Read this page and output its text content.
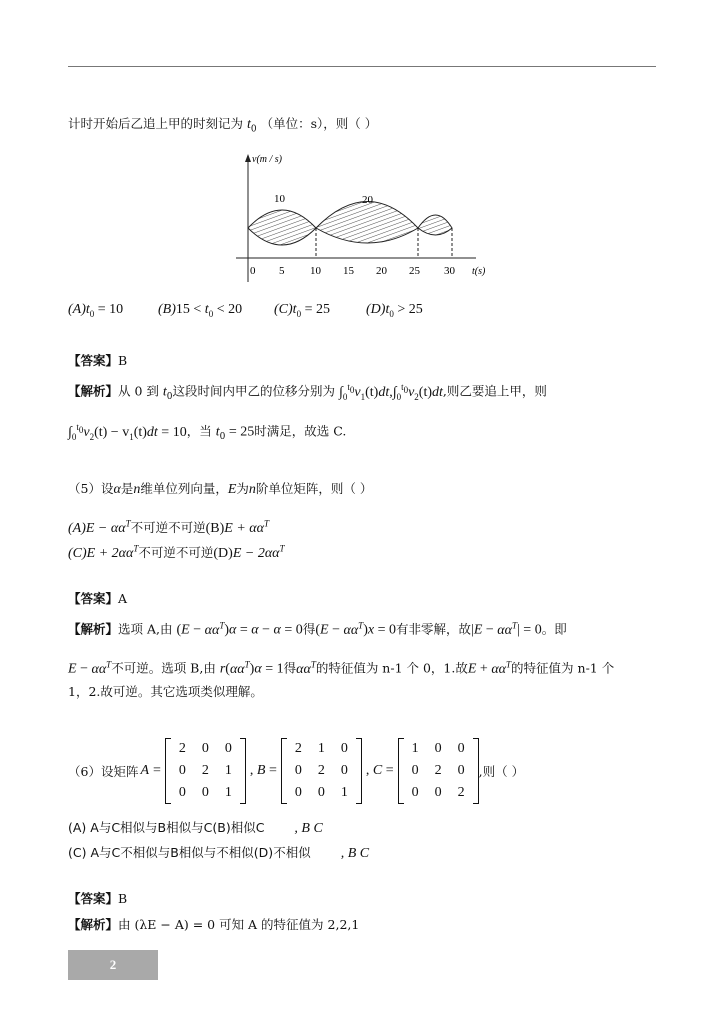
计时开始后乙追上甲的时刻记为 $t_0$ （单位：s），则（ ）
v(m / s)
10	20
0 5 10 15 20 25 30 t(s)
$(A)t_0 = 10$ $(B)15 < t_0 < 20$ $(C)t_0 = 25$	$(D)t_0 > 25$
【答案】B
【解析】从 0 到 $t_0$这段时间内甲乙的位移分别为 $\int_0^{t_0}v_1(t)dt,\int_0^{t_0}v_2(t)dt$,则乙要追上甲，则
$\int_0^{t_0}v_2(t) - v_1(t)dt = 10$，当 $t_0 = 25$时满足，故选 C.
（5）设α是n维单位列向量，E为n阶单位矩阵，则（ ）
$(A)E - \alpha\alpha^T$不可逆不可逆$(B)E + \alpha\alpha^T$
$(C)E + 2\alpha\alpha^T$不可逆不可逆$(D)E - 2\alpha\alpha^T$
【答案】A
【解析】选项 A,由 $(E - \alpha\alpha^T)\alpha = \alpha - \alpha = 0$得$(E - \alpha\alpha^T)x = 0$有非零解，故$|E - \alpha\alpha^T| = 0$。即
$E - \alpha\alpha^T$不可逆。选项 B,由 $r(\alpha\alpha^T)\alpha = 1$得$\alpha\alpha^T$的特征值为 n-1 个 0，1.故$E + \alpha\alpha^T$的特征值为 n-1 个
1，2.故可逆。其它选项类似理解。
（6）设矩阵 A =
2	0	0
0	2	1
0	0	1
, B =
2	1	0
0	2	0
0	0	1
, C =
1	0	0
0	2	0
0	0	2
,则（ ）
(A) A与C相似与B相似与C(B)相似C , B C
(C) A与C不相似与B相似与不相似(D)不相似 , B C
【答案】B
【解析】由 (λE − A) = 0 可知 A 的特征值为 2,2,1
2
